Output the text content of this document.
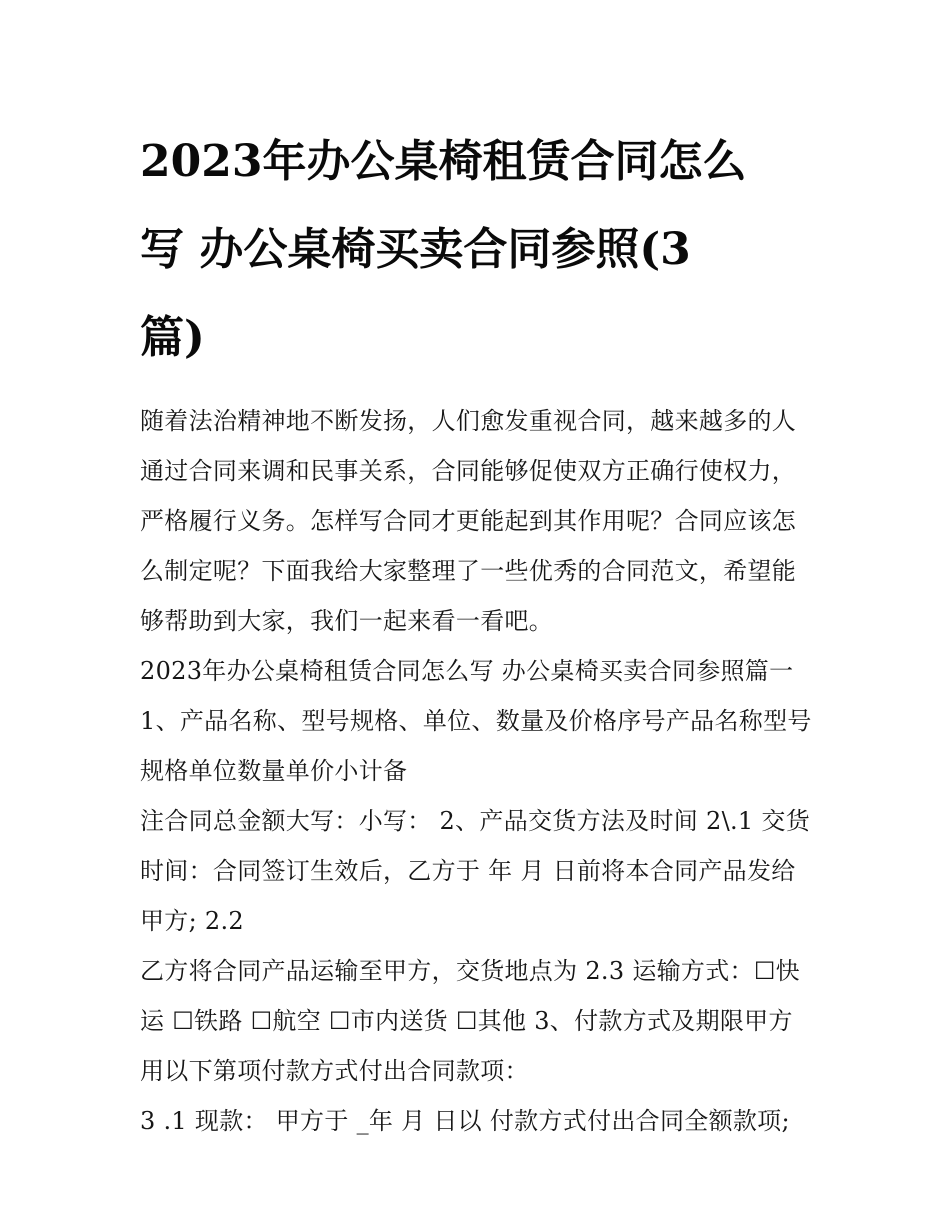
2023年办公桌椅租赁合同怎么
写 办公桌椅买卖合同参照(3
篇)

随着法治精神地不断发扬，人们愈发重视合同，越来越多的人通过合同来调和民事关系，合同能够促使双方正确行使权力，严格履行义务。怎样写合同才更能起到其作用呢？合同应该怎么制定呢？下面我给大家整理了一些优秀的合同范文，希望能够帮助到大家，我们一起来看一看吧。

2023年办公桌椅租赁合同怎么写 办公桌椅买卖合同参照篇一

1、产品名称、型号规格、单位、数量及价格序号产品名称型号规格单位数量单价小计备

注合同总金额大写：小写： 2、产品交货方法及时间 2\.1 交货时间：合同签订生效后，乙方于 年 月 日前将本合同产品发给甲方; 2.2

乙方将合同产品运输至甲方，交货地点为 2.3 运输方式：☐快运 ☐铁路 ☐航空 ☐市内送货 ☐其他 3、付款方式及期限甲方用以下第项付款方式付出合同款项：

3 .1 现款： 甲方于 _年 月 日以 付款方式付出合同全额款项;
